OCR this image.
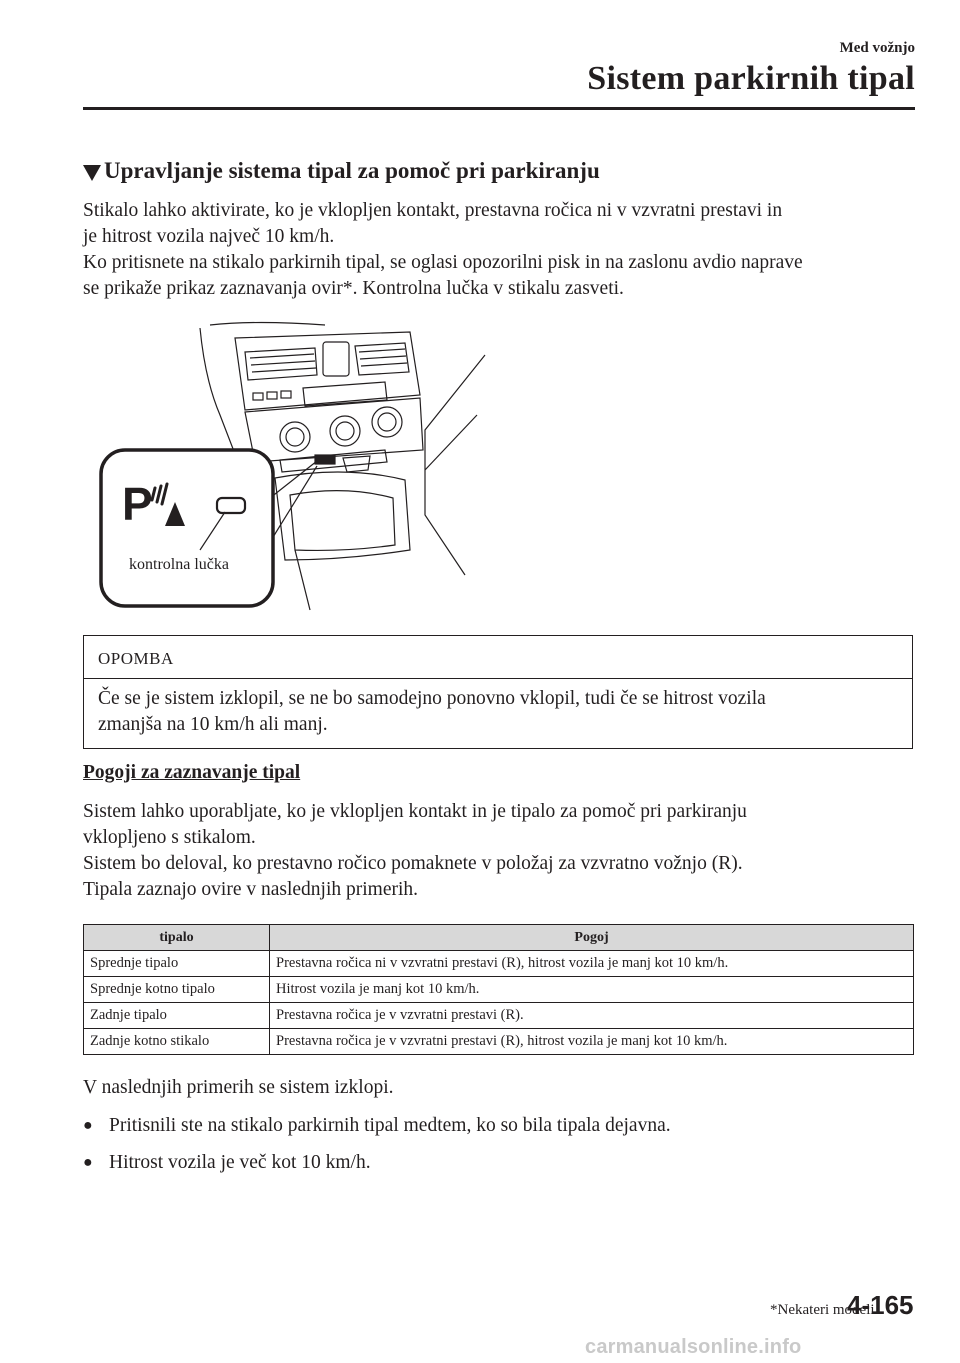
Med vožnjo
Sistem parkirnih tipal
Upravljanje sistema tipal za pomoč pri parkiranju

Stikalo lahko aktivirate, ko je vklopljen kontakt, prestavna ročica ni v vzvratni prestavi in

je hitrost vozila največ 10 km/h.

Ko pritisnete na stikalo parkirnih tipal, se oglasi opozorilni pisk in na zaslonu avdio naprave

se prikaže prikaz zaznavanja ovir*. Kontrolna lučka v stikalu zasveti.

P
kontrolna lučka
OPOMBA
Če se je sistem izklopil, se ne bo samodejno ponovno vklopil, tudi če se hitrost vozila
zmanjša na 10 km/h ali manj.
Pogoji za zaznavanje tipal

Sistem lahko uporabljate, ko je vklopljen kontakt in je tipalo za pomoč pri parkiranju

vklopljeno s stikalom.

Sistem bo deloval, ko prestavno ročico pomaknete v položaj za vzvratno vožnjo (R).

Tipala zaznajo ovire v naslednjih primerih.

tipalo	Pogoj
Sprednje tipalo	Prestavna ročica ni v vzvratni prestavi (R), hitrost vozila je manj kot 10 km/h.
Sprednje kotno tipalo	Hitrost vozila je manj kot 10 km/h.
Zadnje tipalo	Prestavna ročica je v vzvratni prestavi (R).
Zadnje kotno stikalo	Prestavna ročica je v vzvratni prestavi (R), hitrost vozila je manj kot 10 km/h.
V naslednjih primerih se sistem izklopi.
● Pritisnili ste na stikalo parkirnih tipal medtem, ko so bila tipala dejavna.
● Hitrost vozila je več kot 10 km/h.
*Nekateri modeli.
4-165
carmanualsonline.info
